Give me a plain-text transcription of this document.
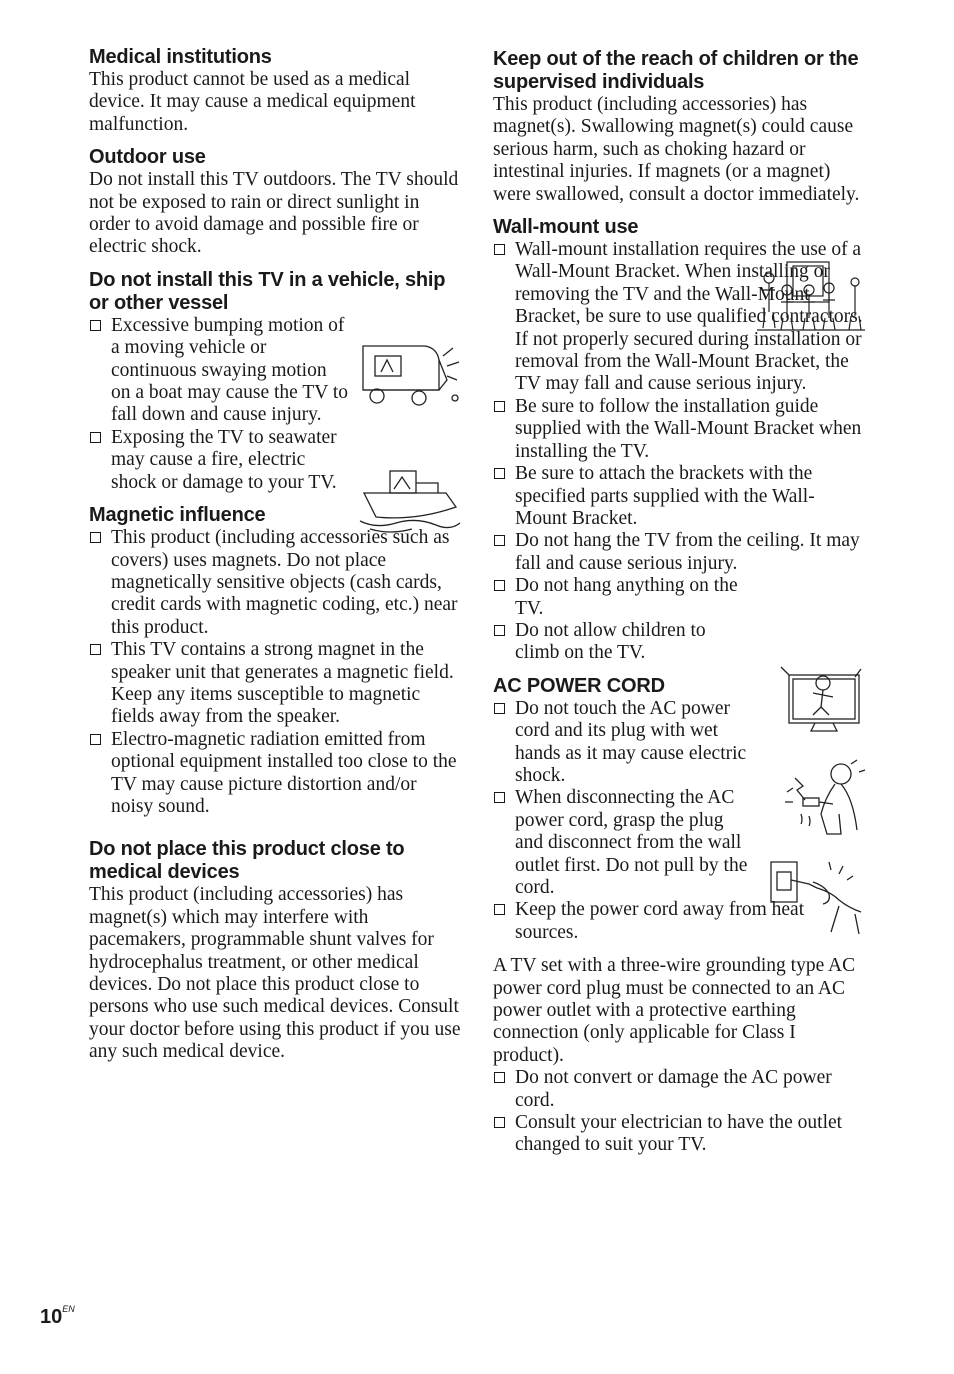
Medical institutions

This product cannot be used as a medical device. It may cause a medical equipment malfunction.

Outdoor use

Do not install this TV outdoors. The TV should not be exposed to rain or direct sunlight in order to avoid damage and possible fire or electric shock.

Do not install this TV in a vehicle, ship or other vessel
Excessive bumping motion of a moving vehicle or continuous swaying motion on a boat may cause the TV to fall down and cause injury.
Exposing the TV to seawater may cause a fire, electric shock or damage to your TV.
Magnetic influence
This product (including accessories such as covers) uses magnets. Do not place magnetically sensitive objects (cash cards, credit cards with magnetic coding, etc.) near this product.
This TV contains a strong magnet in the speaker unit that generates a magnetic field. Keep any items susceptible to magnetic fields away from the speaker.
Electro-magnetic radiation emitted from optional equipment installed too close to the TV may cause picture distortion and/or noisy sound.
Do not place this product close to medical devices

This product (including accessories) has magnet(s) which may interfere with pacemakers, programmable shunt valves for hydrocephalus treatment, or other medical devices. Do not place this product close to persons who use such medical devices. Consult your doctor before using this product if you use any such medical device.

Keep out of the reach of children or the supervised individuals

This product (including accessories) has magnet(s). Swallowing magnet(s) could cause serious harm, such as choking hazard or intestinal injuries. If magnets (or a magnet) were swallowed, consult a doctor immediately.

Wall-mount use
Wall-mount installation requires the use of a Wall-Mount Bracket. When installing or removing the TV and the Wall-Mount Bracket, be sure to use qualified contractors. If not properly secured during installation or removal from the Wall-Mount Bracket, the TV may fall and cause serious injury.
Be sure to follow the installation guide supplied with the Wall-Mount Bracket when installing the TV.
Be sure to attach the brackets with the specified parts supplied with the Wall-Mount Bracket.
Do not hang the TV from the ceiling. It may fall and cause serious injury.
Do not hang anything on the TV.
Do not allow children to climb on the TV.
AC POWER CORD
Do not touch the AC power cord and its plug with wet hands as it may cause electric shock.
When disconnecting the AC power cord, grasp the plug and disconnect from the wall outlet first. Do not pull by the cord.
Keep the power cord away from heat sources.

A TV set with a three-wire grounding type AC power cord plug must be connected to an AC power outlet with a protective earthing connection (only applicable for Class I product).

Do not convert or damage the AC power cord.
Consult your electrician to have the outlet changed to suit your TV.
$10^{EN}$
